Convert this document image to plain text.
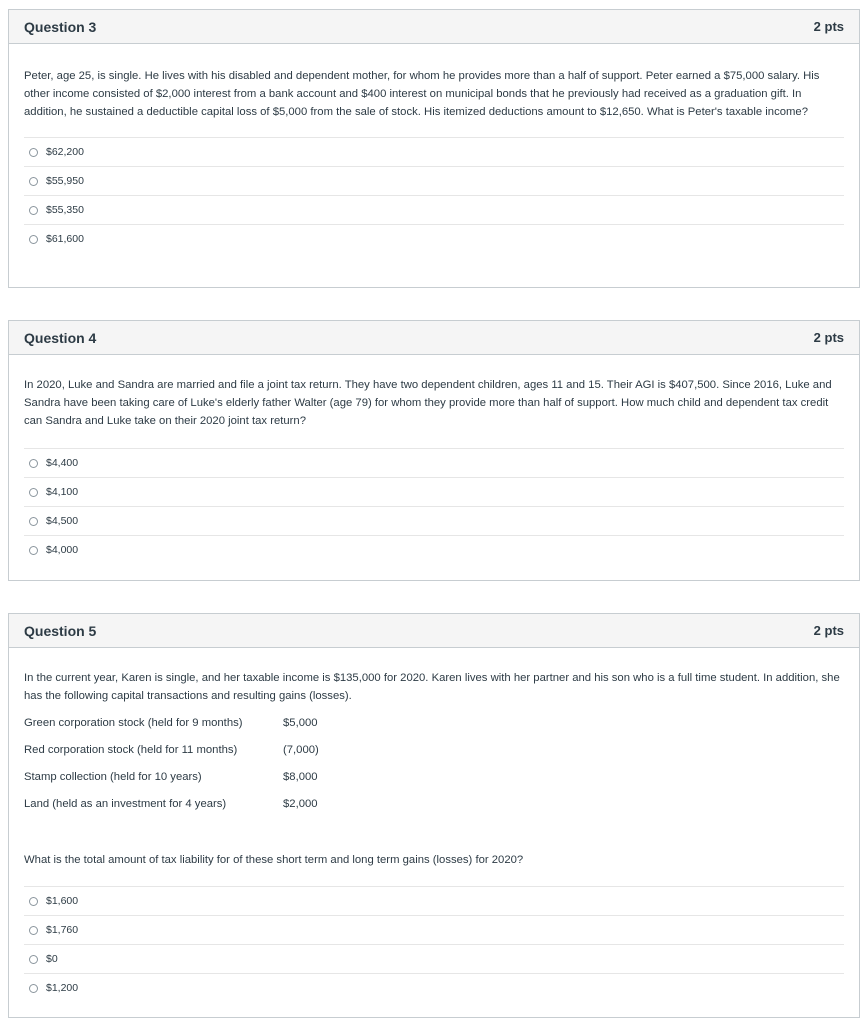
Question 3	2 pts

Peter, age 25, is single. He lives with his disabled and dependent mother, for whom he provides more than a half of support. Peter earned a $75,000 salary. His other income consisted of $2,000 interest from a bank account and $400 interest on municipal bonds that he previously had received as a graduation gift. In addition, he sustained a deductible capital loss of $5,000 from the sale of stock. His itemized deductions amount to $12,650. What is Peter's taxable income?

$62,200
$55,950
$55,350
$61,600
Question 4	2 pts

In 2020, Luke and Sandra are married and file a joint tax return. They have two dependent children, ages 11 and 15. Their AGI is $407,500. Since 2016, Luke and Sandra have been taking care of Luke's elderly father Walter (age 79) for whom they provide more than half of support. How much child and dependent tax credit can Sandra and Luke take on their 2020 joint tax return?

$4,400
$4,100
$4,500
$4,000
Question 5	2 pts

In the current year, Karen is single, and her taxable income is $135,000 for 2020. Karen lives with her partner and his son who is a full time student. In addition, she has the following capital transactions and resulting gains (losses).

Green corporation stock (held for 9 months)	$5,000
Red corporation stock (held for 11 months)	(7,000)
Stamp collection (held for 10 years)	$8,000
Land (held as an investment for 4 years)	$2,000

What is the total amount of tax liability for of these short term and long term gains (losses) for 2020?

$1,600
$1,760
$0
$1,200
